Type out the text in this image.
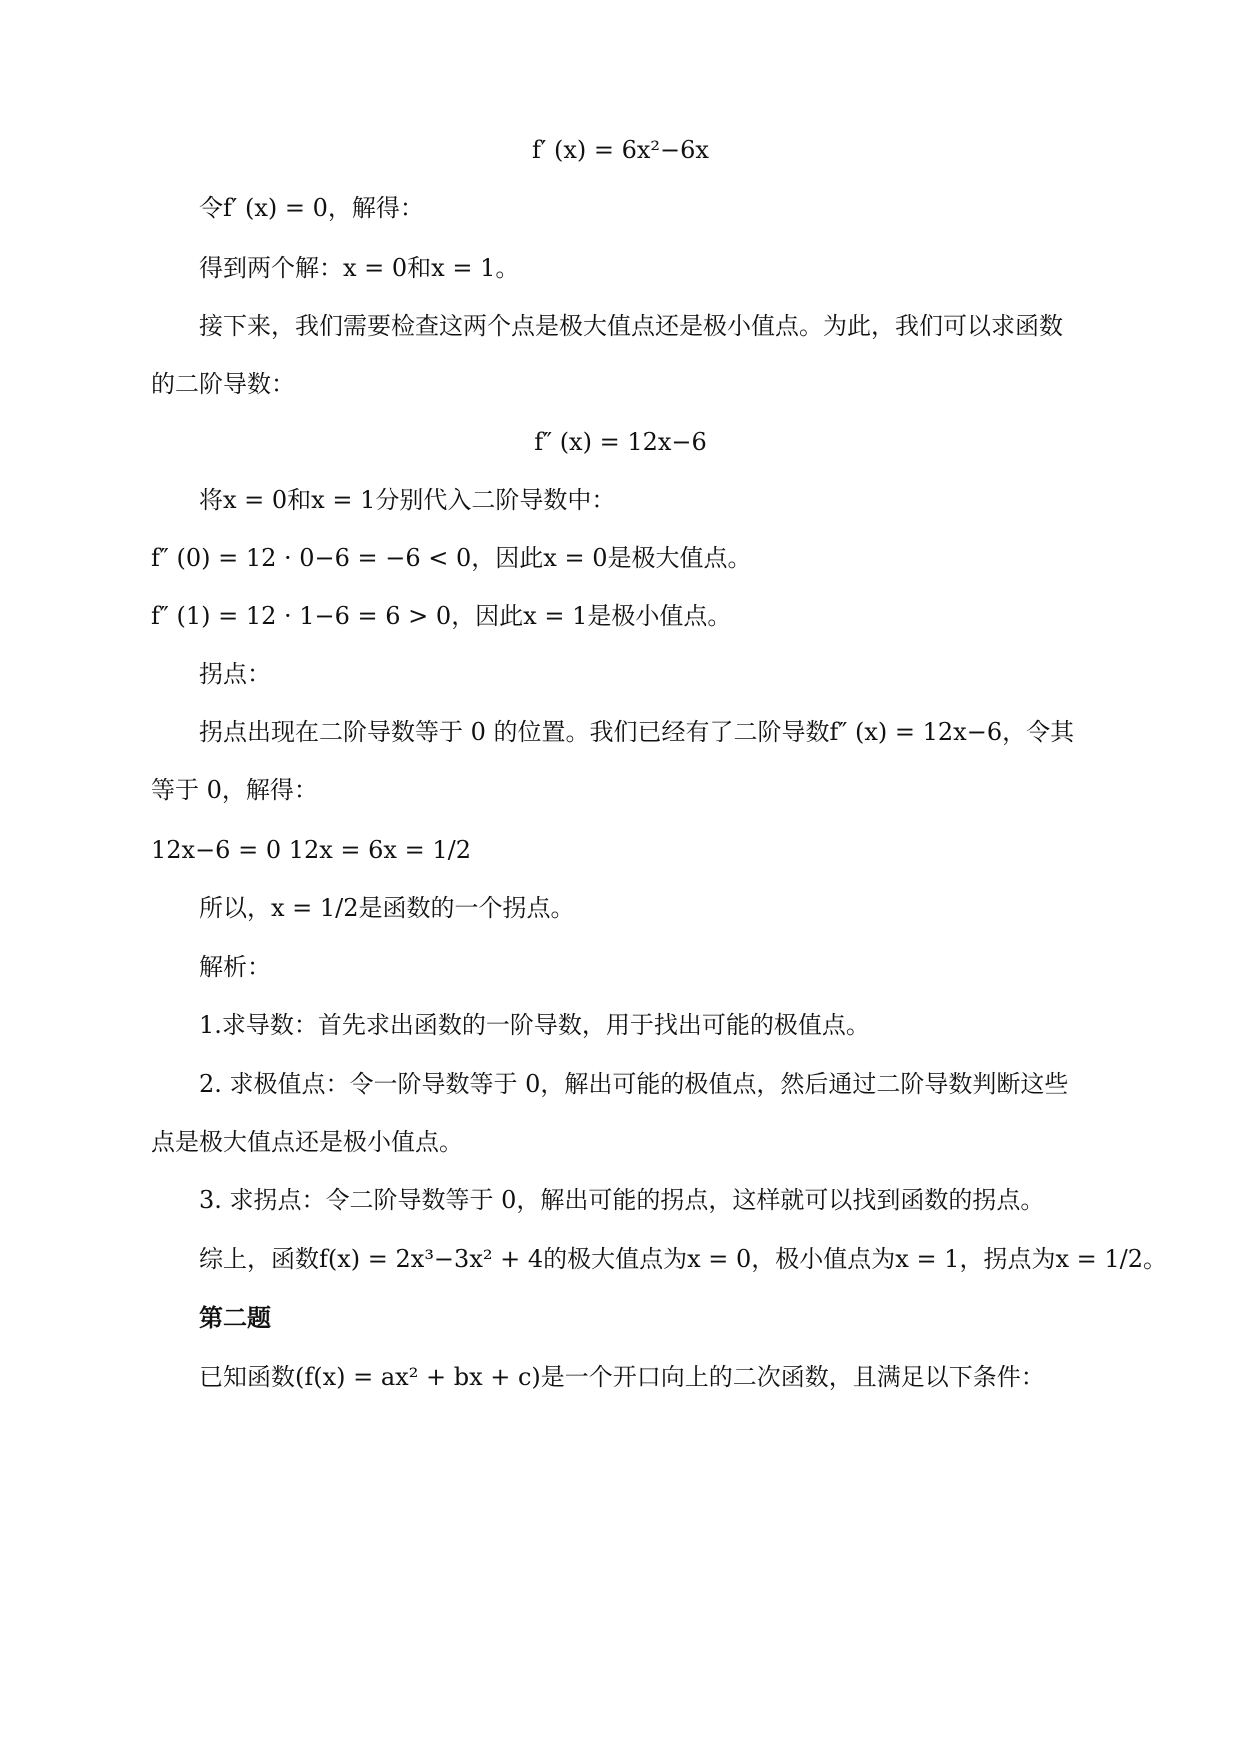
f′ (x) = 6x²−6x
令f′ (x) = 0，解得：
得到两个解：x = 0和x = 1。
接下来，我们需要检查这两个点是极大值点还是极小值点。为此，我们可以求函数
的二阶导数：
f″ (x) = 12x−6
将x = 0和x = 1分别代入二阶导数中：
f″ (0) = 12 · 0−6 = −6 < 0，因此x = 0是极大值点。
f″ (1) = 12 · 1−6 = 6 > 0，因此x = 1是极小值点。
拐点：
拐点出现在二阶导数等于 0 的位置。我们已经有了二阶导数f″ (x) = 12x−6，令其
等于 0，解得：
12x−6 = 0 12x = 6x = 1/2
所以，x = 1/2是函数的一个拐点。
解析：
1.求导数：首先求出函数的一阶导数，用于找出可能的极值点。
2. 求极值点：令一阶导数等于 0，解出可能的极值点，然后通过二阶导数判断这些
点是极大值点还是极小值点。
3. 求拐点：令二阶导数等于 0，解出可能的拐点，这样就可以找到函数的拐点。
综上，函数f(x) = 2x³−3x² + 4的极大值点为x = 0，极小值点为x = 1，拐点为x = 1/2。
第二题
已知函数(f(x) = ax² + bx + c)是一个开口向上的二次函数，且满足以下条件：
